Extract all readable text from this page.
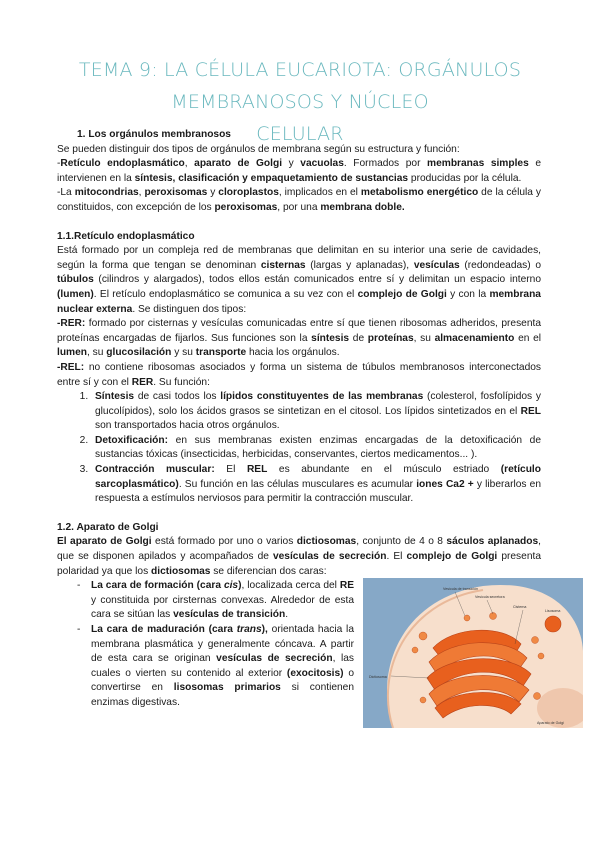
TEMA 9: LA CÉLULA EUCARIOTA: ORGÁNULOS MEMBRANOSOS Y NÚCLEO
CELULAR

1. Los orgánulos membranosos

Se pueden distinguir dos tipos de orgánulos de membrana según su estructura y función:

-Retículo endoplasmático, aparato de Golgi y vacuolas. Formados por membranas simples e intervienen en la síntesis, clasificación y empaquetamiento de sustancias producidas por la célula.

-La mitocondrias, peroxisomas y cloroplastos, implicados en el metabolismo energético de la célula y constituidos, con excepción de los peroxisomas, por una membrana doble.

1.1.Retículo endoplasmático

Está formado por un compleja red de membranas que delimitan en su interior una serie de cavidades, según la forma que tengan se denominan cisternas (largas y aplanadas), vesículas (redondeadas) o túbulos (cilindros y alargados), todos ellos están comunicados entre sí y delimitan un espacio interno (lumen). El retículo endoplasmático se comunica a su vez con el complejo de Golgi y con la membrana nuclear externa. Se distinguen dos tipos:

-RER: formado por cisternas y vesículas comunicadas entre sí que tienen ribosomas adheridos, presenta proteínas encargadas de fijarlos. Sus funciones son la síntesis de proteínas, su almacenamiento en el lumen, su glucosilación y su transporte hacia los orgánulos.

-REL: no contiene ribosomas asociados y forma un sistema de túbulos membranosos interconectados entre sí y con el RER. Su función:

1. Síntesis de casi todos los lípidos constituyentes de las membranas (colesterol, fosfolípidos y glucolípidos), solo los ácidos grasos se sintetizan en el citosol. Los lípidos sintetizados en el REL son transportados hacia otros orgánulos.
2. Detoxificación: en sus membranas existen enzimas encargadas de la detoxificación de sustancias tóxicas (insecticidas, herbicidas, conservantes, ciertos medicamentos... ).
3. Contracción muscular: El REL es abundante en el músculo estriado (retículo sarcoplasmático). Su función en las células musculares es acumular iones Ca2 + y liberarlos en respuesta a estímulos nerviosos para permitir la contracción muscular.

1.2. Aparato de Golgi

El aparato de Golgi está formado por uno o varios dictiosomas, conjunto de 4 o 8 sáculos aplanados, que se disponen apilados y acompañados de vesículas de secreción. El complejo de Golgi presenta polaridad ya que los dictiosomas se diferencian dos caras:

- La cara de formación (cara cis), localizada cerca del RE y constituida por cirsternas convexas. Alrededor de esta cara se sitúan las vesículas de transición.
- La cara de maduración (cara trans), orientada hacia la membrana plasmática y generalmente cóncava. A partir de esta cara se originan vesículas de secreción, las cuales o vierten su contenido al exterior (exocitosis) o convertirse en lisosomas primarios si contienen enzimas digestivas.
Vesícula de transición
Vesícula secretora
Cisterna
Dictiosoma
Lisosoma
Aparato de Golgi
